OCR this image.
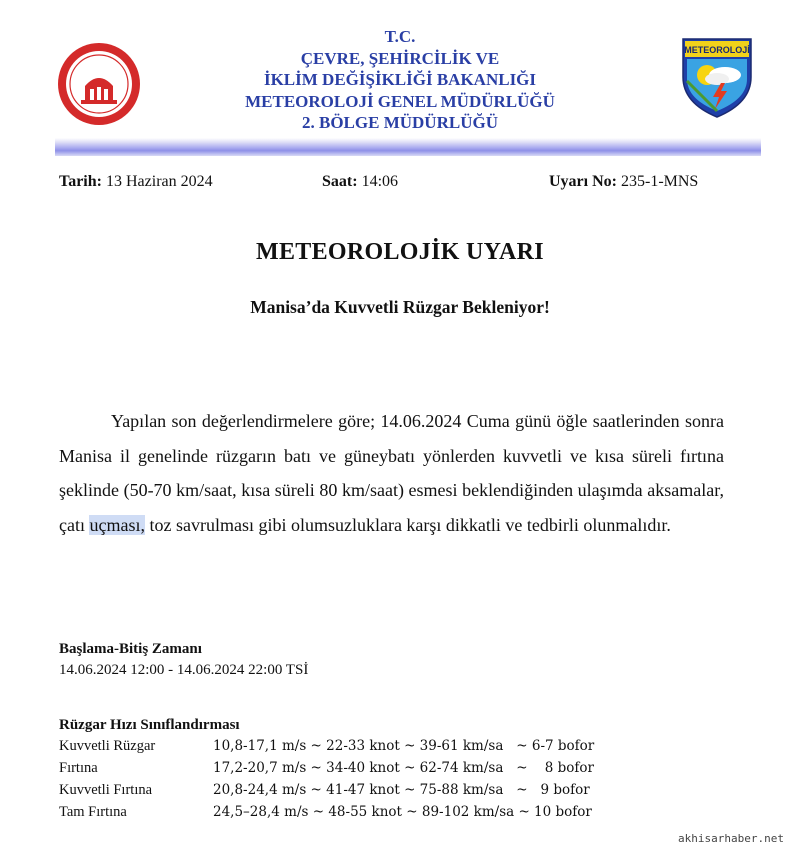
T.C.
ÇEVRE, ŞEHİRCİLİK VE
İKLİM DEĞİŞİKLİĞİ BAKANLIĞI
METEOROLOJİ GENEL MÜDÜRLÜĞÜ
2. BÖLGE MÜDÜRLÜĞÜ
METEOROLOJİ
Tarih: 13 Haziran 2024	Saat: 14:06	Uyarı No: 235-1-MNS
METEOROLOJİK UYARI
Manisa’da Kuvvetli Rüzgar Bekleniyor!
Yapılan son değerlendirmelere göre; 14.06.2024 Cuma günü öğle saatlerinden sonra Manisa il genelinde rüzgarın batı ve güneybatı yönlerden kuvvetli ve kısa süreli fırtına şeklinde (50-70 km/saat, kısa süreli 80 km/saat) esmesi beklendiğinden ulaşımda aksamalar, çatı uçması, toz savrulması gibi olumsuzluklara karşı dikkatli ve tedbirli olunmalıdır.
Başlama-Bitiş Zamanı
14.06.2024 12:00 - 14.06.2024 22:00 TSİ
Rüzgar Hızı Sınıflandırması
Kuvvetli Rüzgar	10,8-17,1 m/s ~ 22-33 knot ~ 39-61 km/sa   ~ 6-7 bofor
Fırtına	17,2-20,7 m/s ~ 34-40 knot ~ 62-74 km/sa   ~    8 bofor
Kuvvetli Fırtına	20,8-24,4 m/s ~ 41-47 knot ~ 75-88 km/sa   ~   9 bofor
Tam Fırtına	24,5–28,4 m/s ~ 48-55 knot ~ 89-102 km/sa ~ 10 bofor
akhisarhaber.net
